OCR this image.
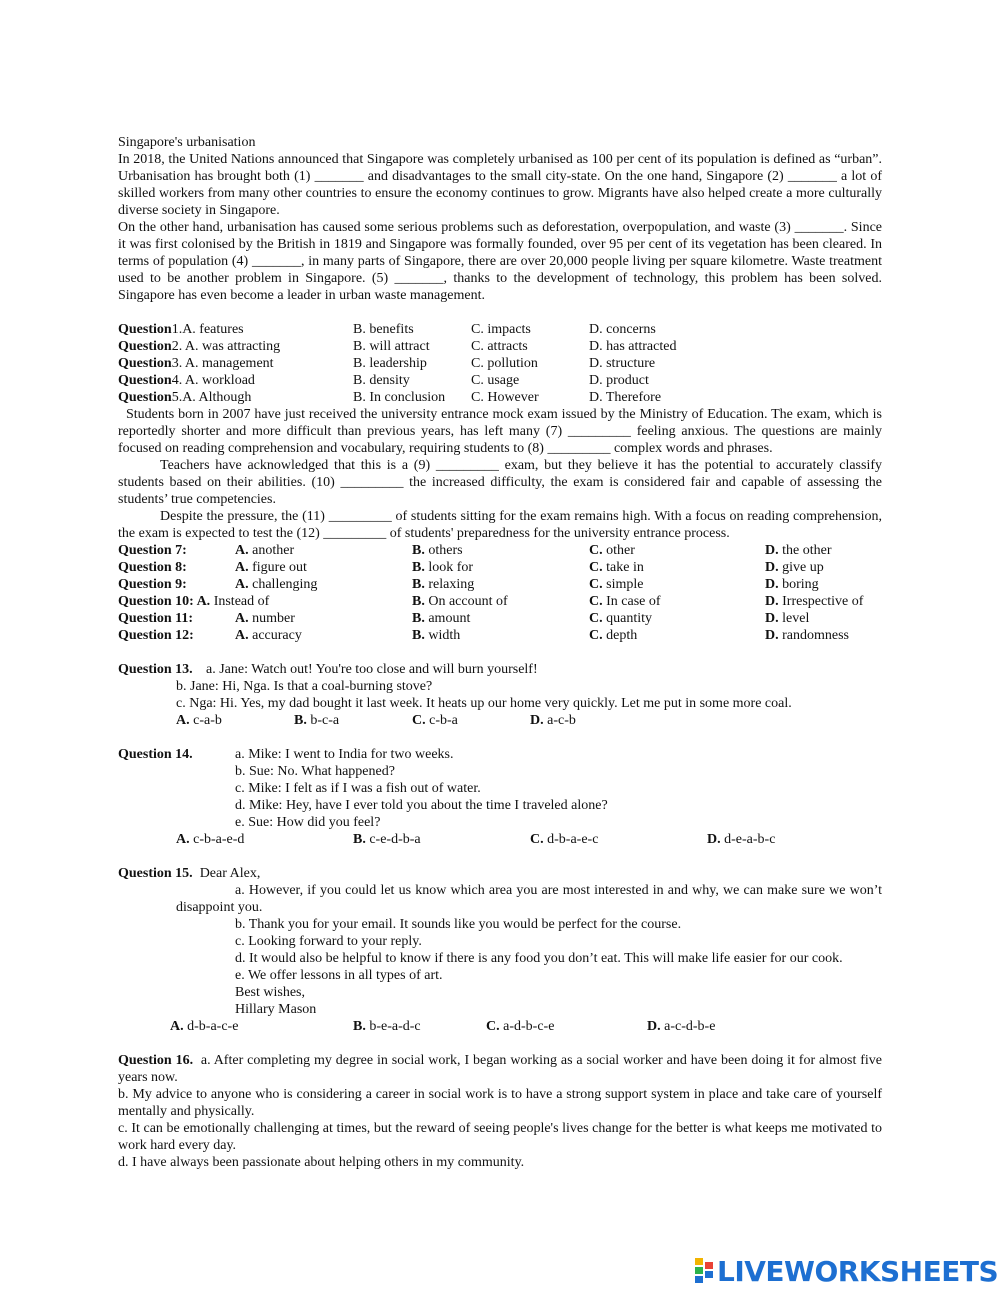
Singapore's urbanisation

In 2018, the United Nations announced that Singapore was completely urbanised as 100 per cent of its population is defined as “urban”. Urbanisation has brought both (1) _______ and disadvantages to the small city-state. On the one hand, Singapore (2) _______ a lot of skilled workers from many other countries to ensure the economy continues to grow. Migrants have also helped create a more culturally diverse society in Singapore.

On the other hand, urbanisation has caused some serious problems such as deforestation, overpopulation, and waste (3) _______. Since it was first colonised by the British in 1819 and Singapore was formally founded, over 95 per cent of its vegetation has been cleared. In terms of population (4) _______, in many parts of Singapore, there are over 20,000 people living per square kilometre. Waste treatment used to be another problem in Singapore. (5) _______, thanks to the development of technology, this problem has been solved. Singapore has even become a leader in urban waste management.

Question1.A. features	B. benefits	C. impacts	D. concerns
Question2. A. was attracting	B. will attract	C. attracts	D. has attracted
Question3. A. management	B. leadership	C. pollution	D. structure
Question4. A. workload	B. density	C. usage	D. product
Question5.A. Although	B. In conclusion	C. However	D. Therefore

Students born in 2007 have just received the university entrance mock exam issued by the Ministry of Education. The exam, which is reportedly shorter and more difficult than previous years, has left many (7) _________ feeling anxious. The questions are mainly focused on reading comprehension and vocabulary, requiring students to (8) _________ complex words and phrases.

Teachers have acknowledged that this is a (9) _________ exam, but they believe it has the potential to accurately classify students based on their abilities. (10) _________ the increased difficulty, the exam is considered fair and capable of assessing the students’ true competencies.

Despite the pressure, the (11) _________ of students sitting for the exam remains high. With a focus on reading comprehension, the exam is expected to test the (12) _________ of students' preparedness for the university entrance process.

Question 7:	A. another	B. others	C. other	D. the other
Question 8:	A. figure out	B. look for	C. take in	D. give up
Question 9:	A. challenging	B. relaxing	C. simple	D. boring
Question 10: A. Instead of	B. On account of	C. In case of	D. Irrespective of
Question 11:	A. number	B. amount	C. quantity	D. level
Question 12:	A. accuracy	B. width	C. depth	D. randomness
Question 13. a. Jane: Watch out! You're too close and will burn yourself!
b. Jane: Hi, Nga. Is that a coal-burning stove?
c. Nga: Hi. Yes, my dad bought it last week. It heats up our home very quickly. Let me put in some more coal.
A. c-a-b	B. b-c-a	C. c-b-a	D. a-c-b
Question 14.	a. Mike: I went to India for two weeks.
b. Sue: No. What happened?
c. Mike: I felt as if I was a fish out of water.
d. Mike: Hey, have I ever told you about the time I traveled alone?
e. Sue: How did you feel?
A. c-b-a-e-d	B. c-e-d-b-a	C. d-b-a-e-c	D. d-e-a-b-c
Question 15.
Dear Alex,

a. However, if you could let us know which area you are most interested in and why, we can make sure we won’t disappoint you.

b. Thank you for your email. It sounds like you would be perfect for the course.
c. Looking forward to your reply.
d. It would also be helpful to know if there is any food you don’t eat. This will make life easier for our cook.
e. We offer lessons in all types of art.
Best wishes,
Hillary Mason
A. d-b-a-c-e	B. b-e-a-d-c	C. a-d-b-c-e	D. a-c-d-b-e

Question 16. a. After completing my degree in social work, I began working as a social worker and have been doing it for almost five years now.

b. My advice to anyone who is considering a career in social work is to have a strong support system in place and take care of yourself mentally and physically.

c. It can be emotionally challenging at times, but the reward of seeing people's lives change for the better is what keeps me motivated to work hard every day.

d. I have always been passionate about helping others in my community.

LIVEWORKSHEETS
